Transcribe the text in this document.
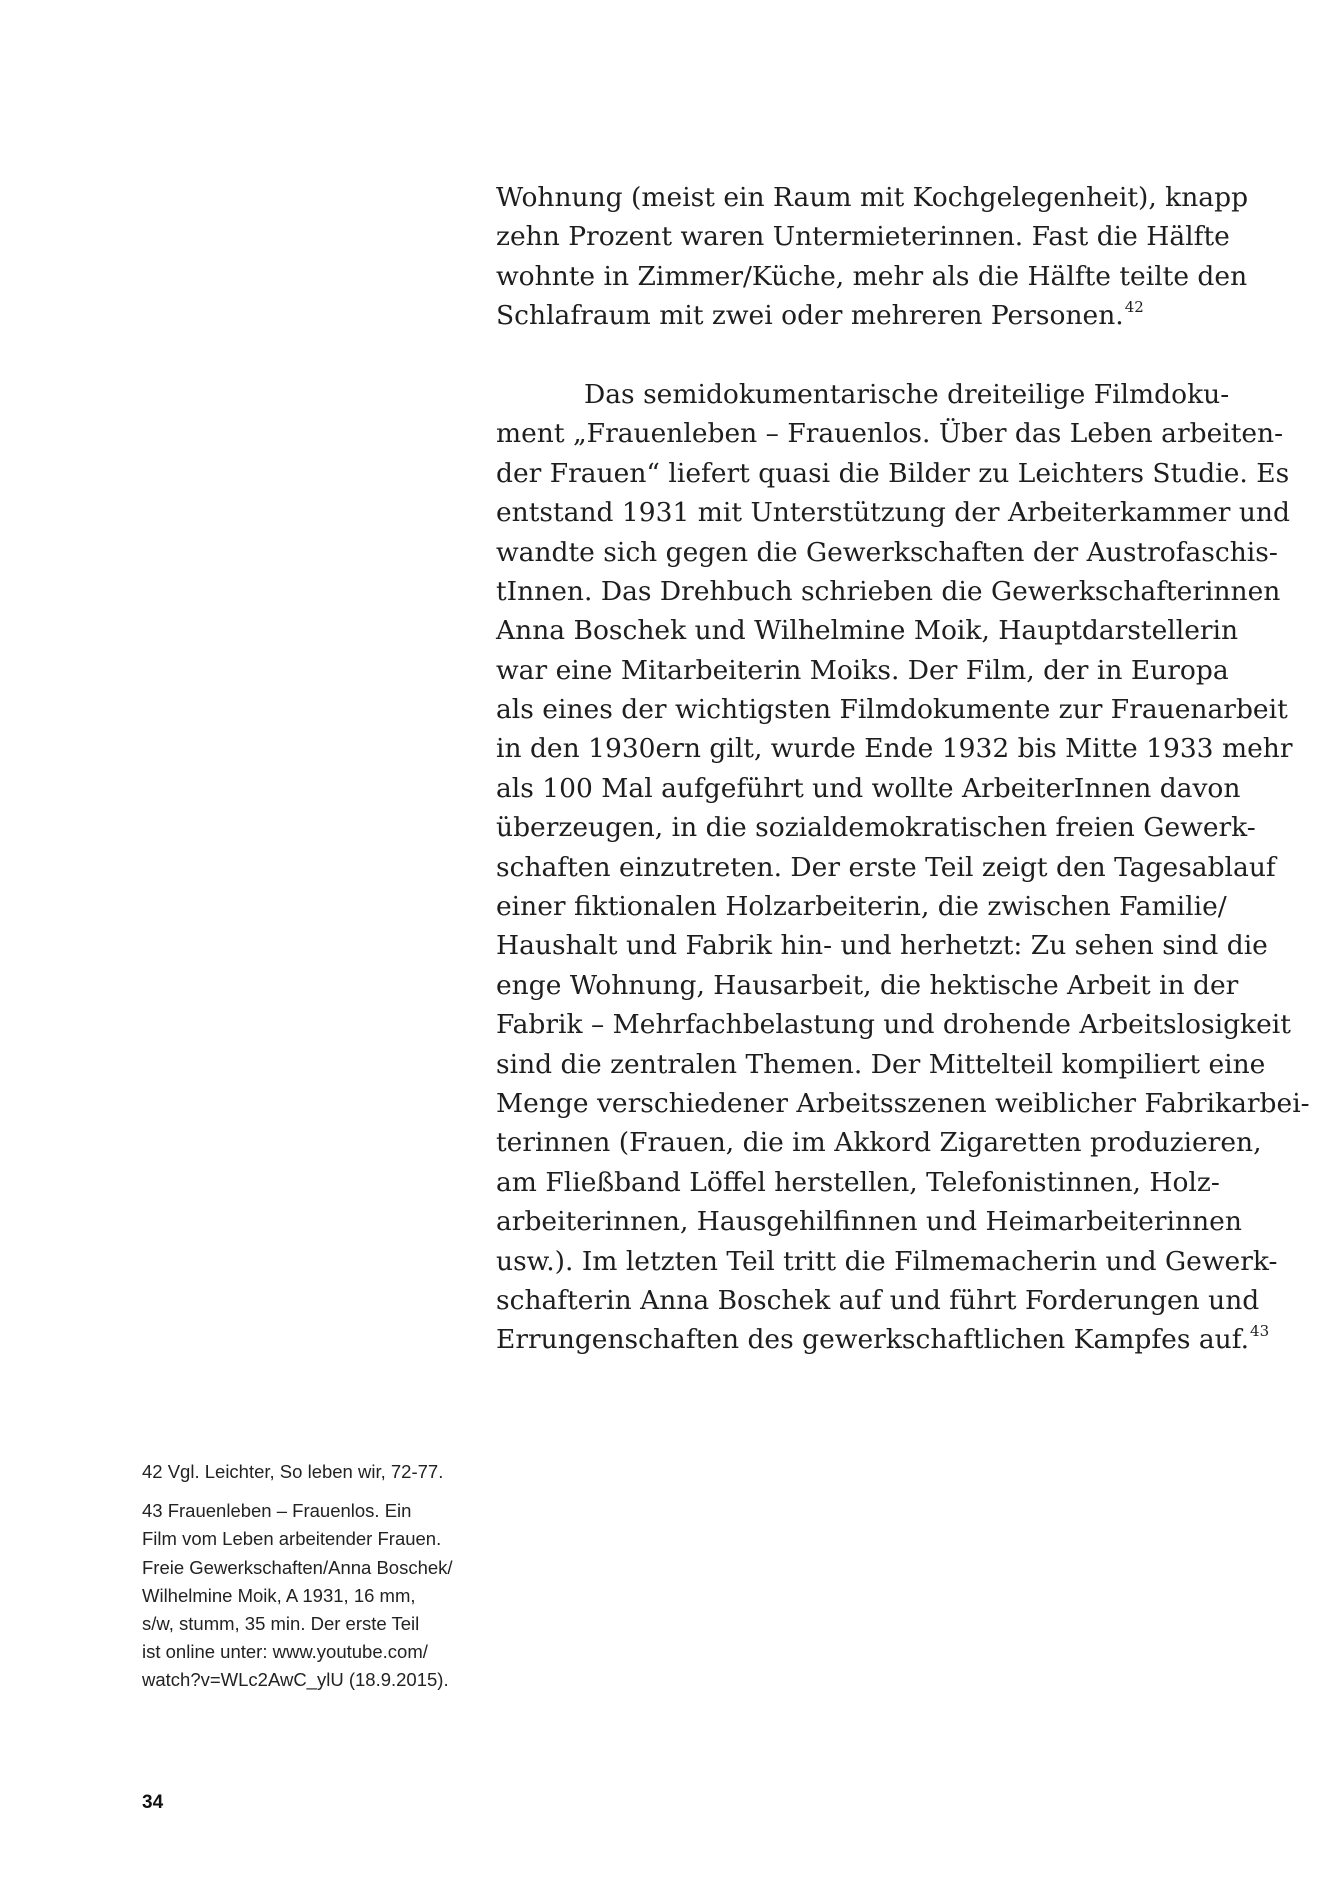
Wohnung (meist ein Raum mit Kochgelegenheit), knapp
zehn Prozent waren Untermieterinnen. Fast die Hälfte
wohnte in Zimmer/Küche, mehr als die Hälfte teilte den
Schlafraum mit zwei oder mehreren Personen.$^{42}$
Das semidokumentarische dreiteilige Filmdoku-
ment „Frauenleben – Frauenlos. Über das Leben arbeiten-
der Frauen“ liefert quasi die Bilder zu Leichters Studie. Es
entstand 1931 mit Unterstützung der Arbeiterkammer und
wandte sich gegen die Gewerkschaften der Austrofaschis-
tInnen. Das Drehbuch schrieben die Gewerkschafterinnen
Anna Boschek und Wilhelmine Moik, Hauptdarstellerin
war eine Mitarbeiterin Moiks. Der Film, der in Europa
als eines der wichtigsten Filmdokumente zur Frauenarbeit
in den 1930ern gilt, wurde Ende 1932 bis Mitte 1933 mehr
als 100 Mal aufgeführt und wollte ArbeiterInnen davon
überzeugen, in die sozialdemokratischen freien Gewerk-
schaften einzutreten. Der erste Teil zeigt den Tagesablauf
einer fiktionalen Holzarbeiterin, die zwischen Familie/
Haushalt und Fabrik hin- und herhetzt: Zu sehen sind die
enge Wohnung, Hausarbeit, die hektische Arbeit in der
Fabrik – Mehrfachbelastung und drohende Arbeitslosigkeit
sind die zentralen Themen. Der Mittelteil kompiliert eine
Menge verschiedener Arbeitsszenen weiblicher Fabrikarbei-
terinnen (Frauen, die im Akkord Zigaretten produzieren,
am Fließband Löffel herstellen, Telefonistinnen, Holz-
arbeiterinnen, Hausgehilfinnen und Heimarbeiterinnen
usw.). Im letzten Teil tritt die Filmemacherin und Gewerk-
schafterin Anna Boschek auf und führt Forderungen und
Errungenschaften des gewerkschaftlichen Kampfes auf.$^{43}$
42 Vgl. Leichter, So leben wir, 72-77.
43 Frauenleben – Frauenlos. Ein
Film vom Leben arbeitender Frauen.
Freie Gewerkschaften/Anna Boschek/
Wilhelmine Moik, A 1931, 16 mm,
s/w, stumm, 35 min. Der erste Teil
ist online unter: www.youtube.com/
watch?v=WLc2AwC_ylU (18.9.2015).
34
